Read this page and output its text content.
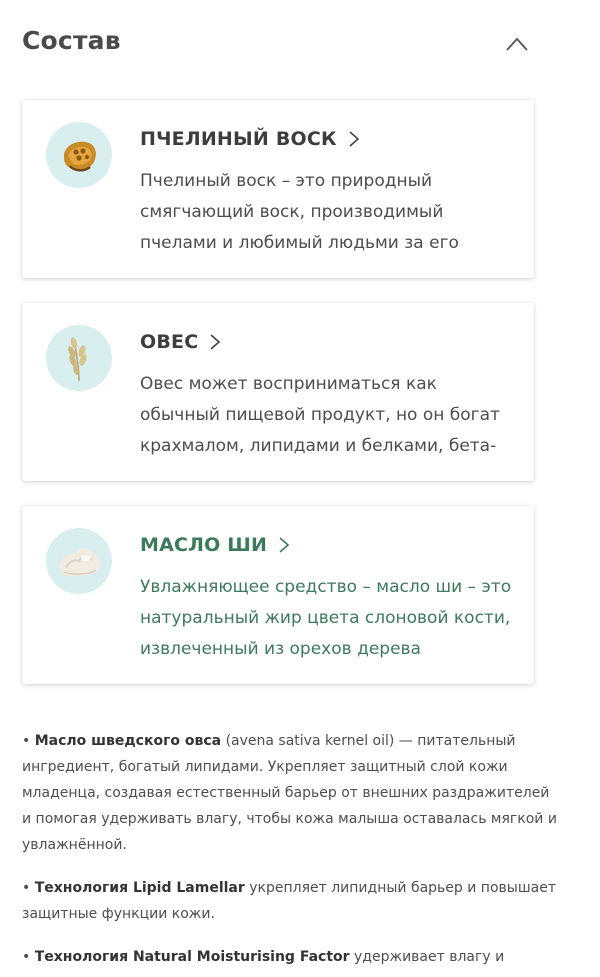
Состав
ПЧЕЛИНЫЙ ВОСК
Пчелиный воск – это природный смягчающий воск, производимый пчелами и любимый людьми за его
ОВЕС
Овес может восприниматься как обычный пищевой продукт, но он богат крахмалом, липидами и белками, бета-
МАСЛО ШИ
Увлажняющее средство – масло ши – это натуральный жир цвета слоновой кости, извлеченный из орехов дерева
• Масло шведского овса (avena sativa kernel oil) — питательный ингредиент, богатый липидами. Укрепляет защитный слой кожи младенца, создавая естественный барьер от внешних раздражителей и помогая удерживать влагу, чтобы кожа малыша оставалась мягкой и увлажнённой.
• Технология Lipid Lamellar укрепляет липидный барьер и повышает защитные функции кожи.
• Технология Natural Moisturising Factor удерживает влагу и
